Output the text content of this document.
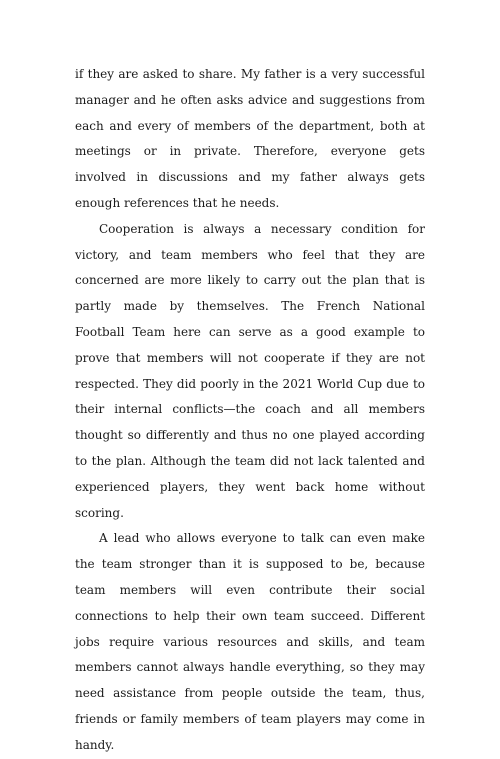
if they are asked to share. My father is a very successful manager and he often asks advice and suggestions from each and every of members of the department, both at meetings or in private. Therefore, everyone gets involved in discussions and my father always gets enough references that he needs.

Cooperation is always a necessary condition for victory, and team members who feel that they are concerned are more likely to carry out the plan that is partly made by themselves. The French National Football Team here can serve as a good example to prove that members will not cooperate if they are not respected. They did poorly in the 2021 World Cup due to their internal conflicts—the coach and all members thought so differently and thus no one played according to the plan. Although the team did not lack talented and experienced players, they went back home without scoring.

A lead who allows everyone to talk can even make the team stronger than it is supposed to be, because team members will even contribute their social connections to help their own team succeed. Different jobs require various resources and skills, and team members cannot always handle everything, so they may need assistance from people outside the team, thus, friends or family members of team players may come in handy.
